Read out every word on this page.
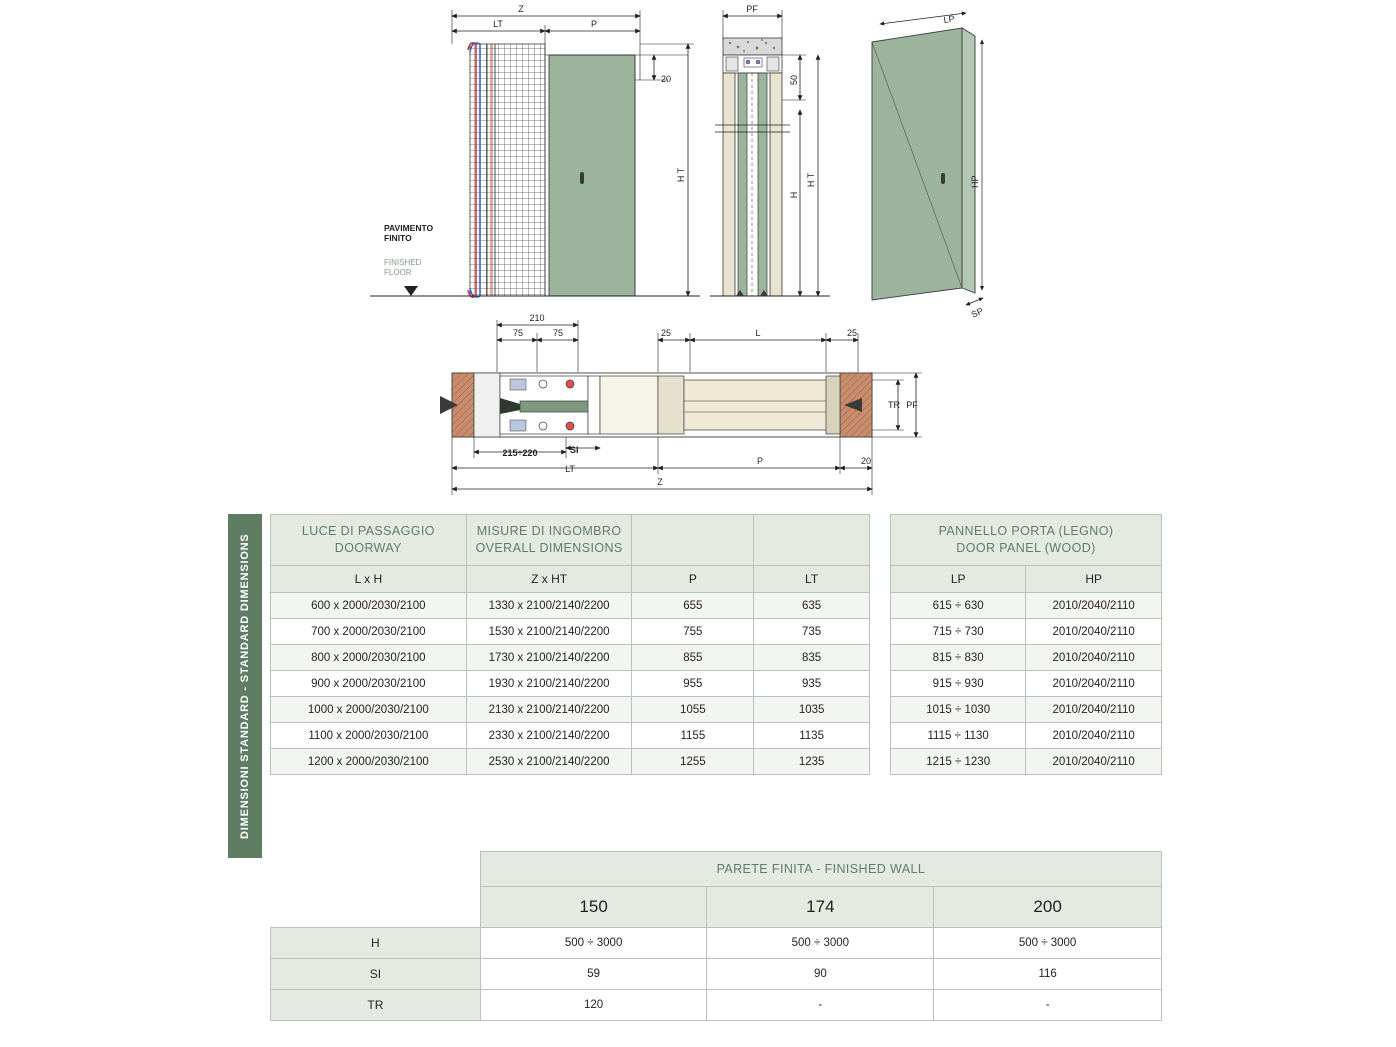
Z
LT	P
20
H T
PAVIMENTO
FINITO
FINISHED
FLOOR
PF
50
H
H T
LP
HP
SP
210
75	75	25	L	25
215÷220	SI
LT
P	20
Z
TR PF
DIMENSIONI STANDARD - STANDARD DIMENSIONS
LUCE DI PASSAGGIO
DOORWAY

MISURE DI INGOMBRO
OVERALL DIMENSIONS

L x H	Z x HT	P	LT
600 x 2000/2030/2100	1330 x 2100/2140/2200	655	635
700 x 2000/2030/2100	1530 x 2100/2140/2200	755	735
800 x 2000/2030/2100	1730 x 2100/2140/2200	855	835
900 x 2000/2030/2100	1930 x 2100/2140/2200	955	935
1000 x 2000/2030/2100	2130 x 2100/2140/2200	1055	1035
1100 x 2000/2030/2100	2330 x 2100/2140/2200	1155	1135
1200 x 2000/2030/2100	2530 x 2100/2140/2200	1255	1235
PANNELLO PORTA (LEGNO)
DOOR PANEL (WOOD)	

LP	HP
615 ÷ 630	2010/2040/2110
715 ÷ 730	2010/2040/2110
815 ÷ 830	2010/2040/2110
915 ÷ 930	2010/2040/2110
1015 ÷ 1030	2010/2040/2110
1115 ÷ 1130	2010/2040/2110
1215 ÷ 1230	2010/2040/2110
	PARETE FINITA - FINISHED WALL		
	150	174	200
H	500 ÷ 3000	500 ÷ 3000	500 ÷ 3000
SI	59	90	116
TR	120	-	-
